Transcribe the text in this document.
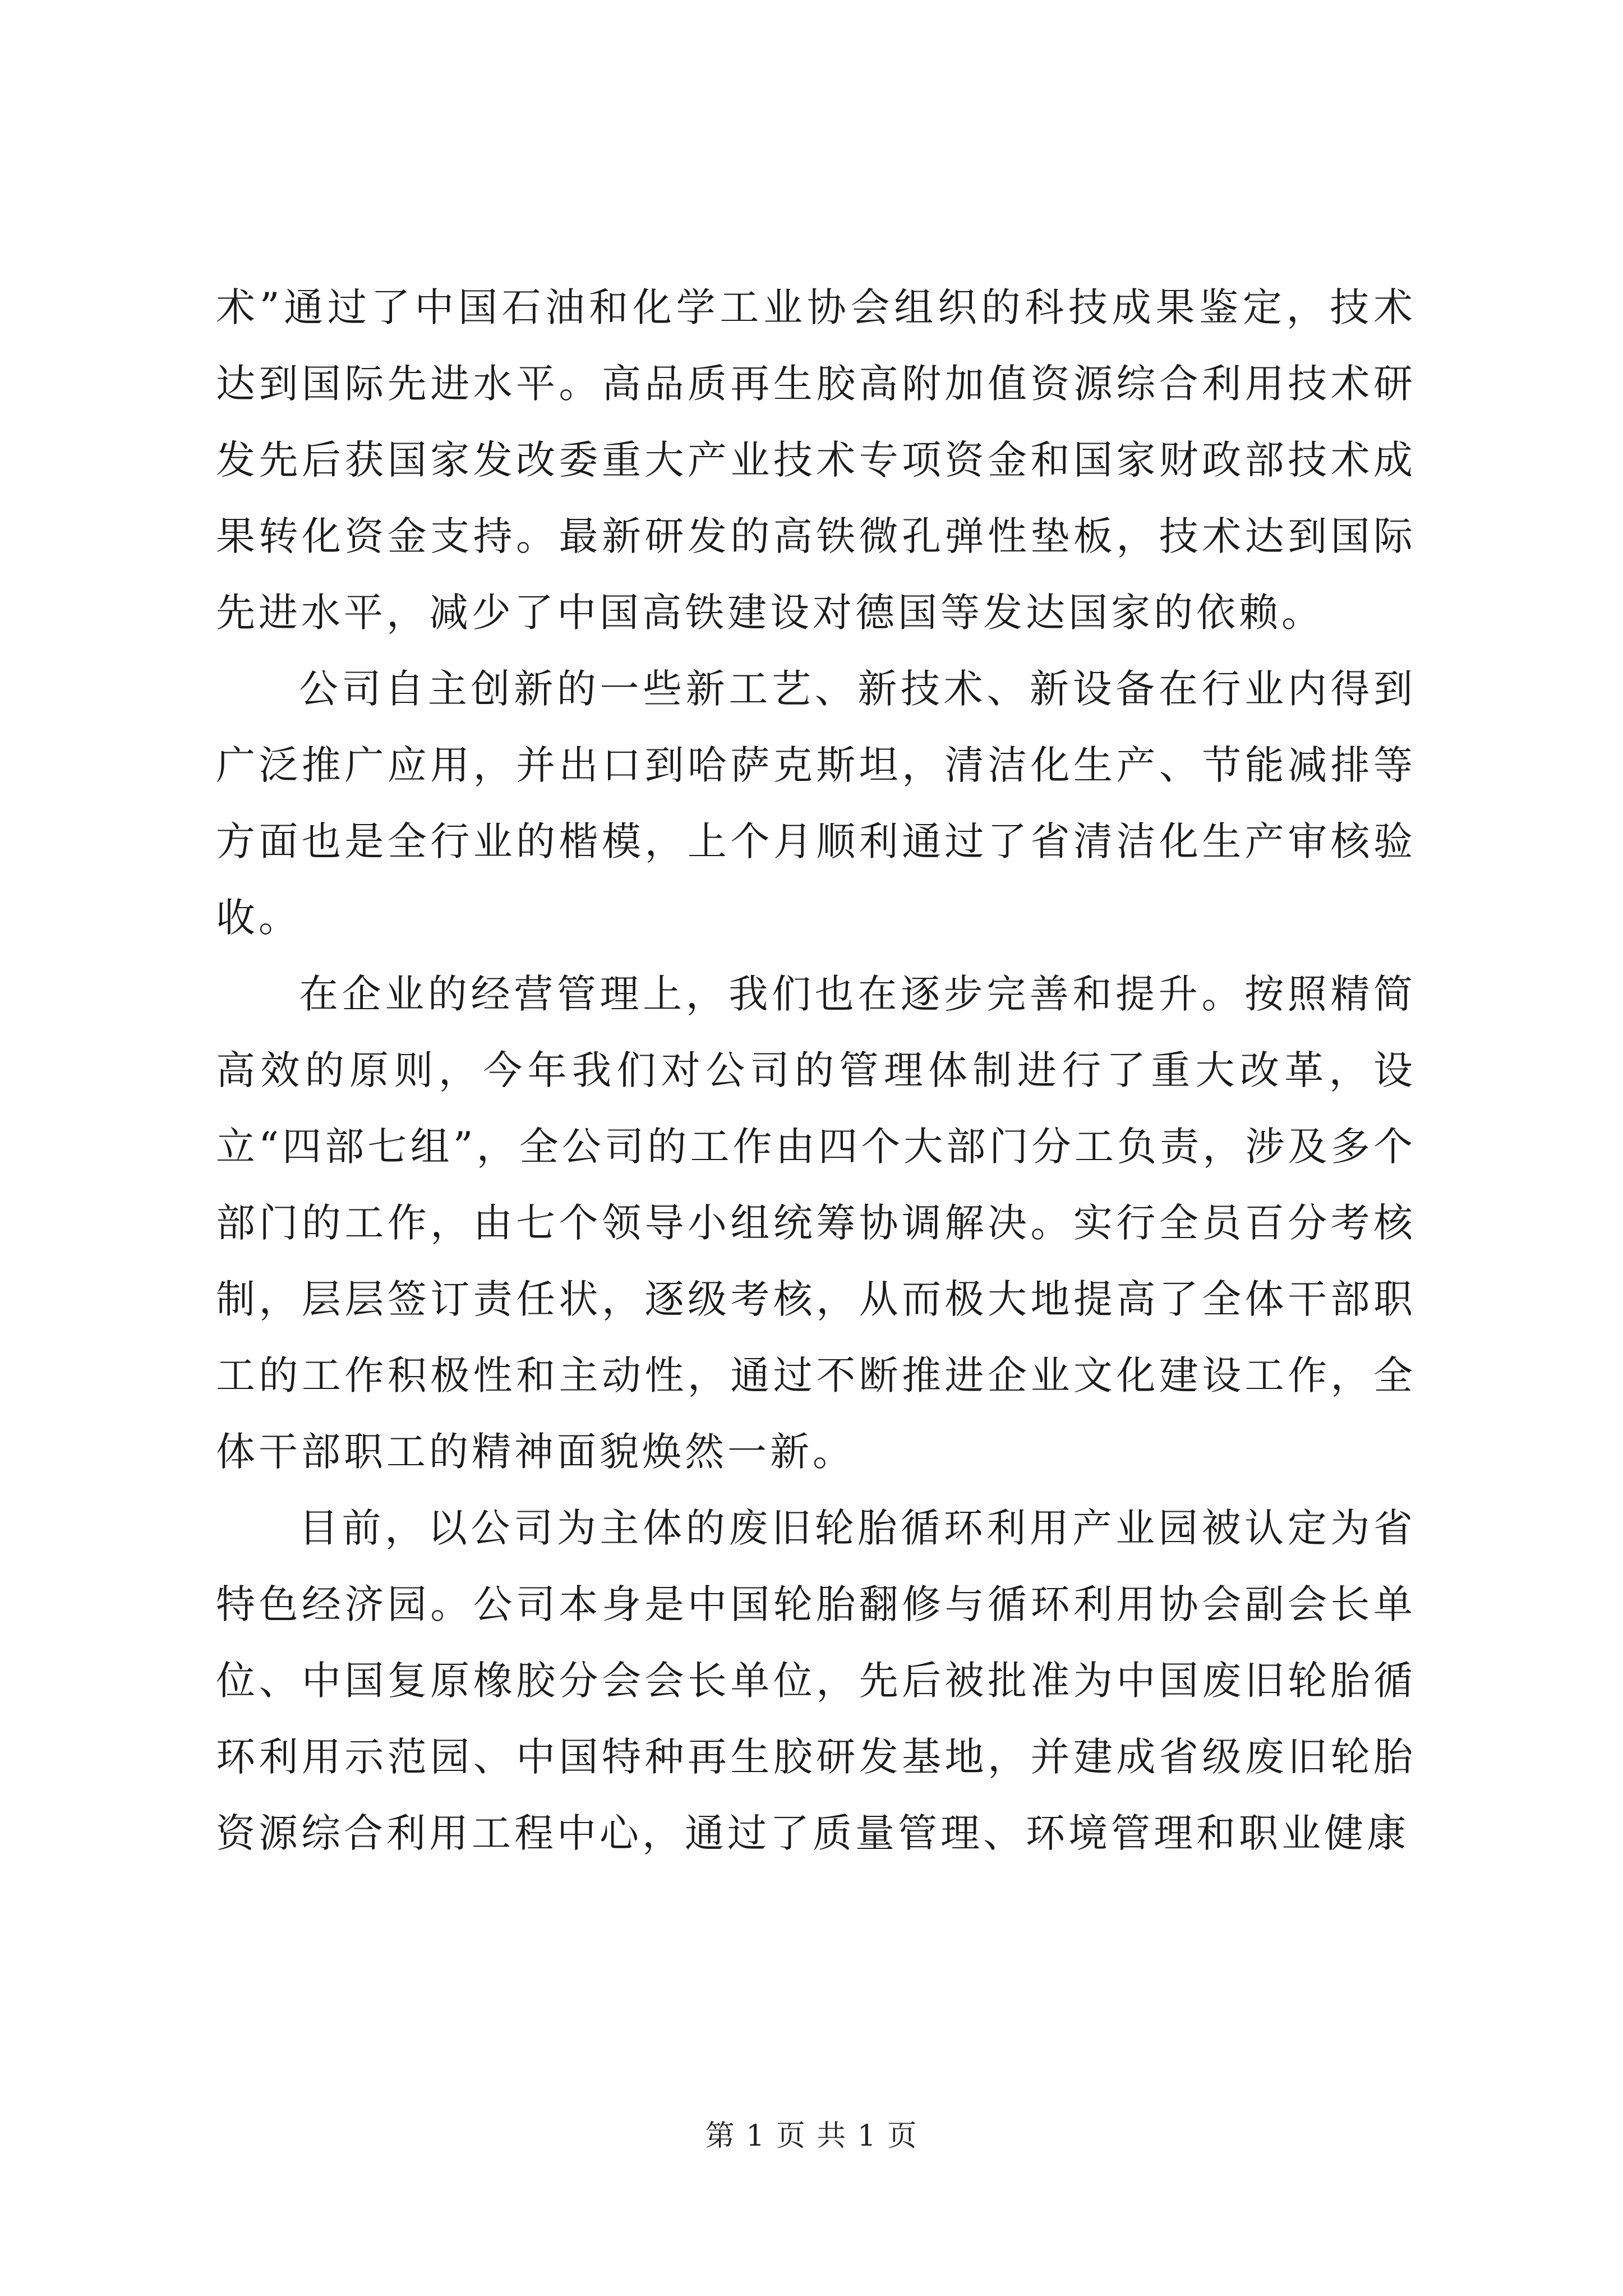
术”通过了中国石油和化学工业协会组织的科技成果鉴定，技术达到国际先进水平。高品质再生胶高附加值资源综合利用技术研发先后获国家发改委重大产业技术专项资金和国家财政部技术成果转化资金支持。最新研发的高铁微孔弹性垫板，技术达到国际先进水平，减少了中国高铁建设对德国等发达国家的依赖。

公司自主创新的一些新工艺、新技术、新设备在行业内得到广泛推广应用，并出口到哈萨克斯坦，清洁化生产、节能减排等方面也是全行业的楷模，上个月顺利通过了省清洁化生产审核验收。

在企业的经营管理上，我们也在逐步完善和提升。按照精简高效的原则，今年我们对公司的管理体制进行了重大改革，设立“四部七组”，全公司的工作由四个大部门分工负责，涉及多个部门的工作，由七个领导小组统筹协调解决。实行全员百分考核制，层层签订责任状，逐级考核，从而极大地提高了全体干部职工的工作积极性和主动性，通过不断推进企业文化建设工作，全体干部职工的精神面貌焕然一新。

目前，以公司为主体的废旧轮胎循环利用产业园被认定为省特色经济园。公司本身是中国轮胎翻修与循环利用协会副会长单位、中国复原橡胶分会会长单位，先后被批准为中国废旧轮胎循环利用示范园、中国特种再生胶研发基地，并建成省级废旧轮胎资源综合利用工程中心，通过了质量管理、环境管理和职业健康

第 1 页 共 1 页
